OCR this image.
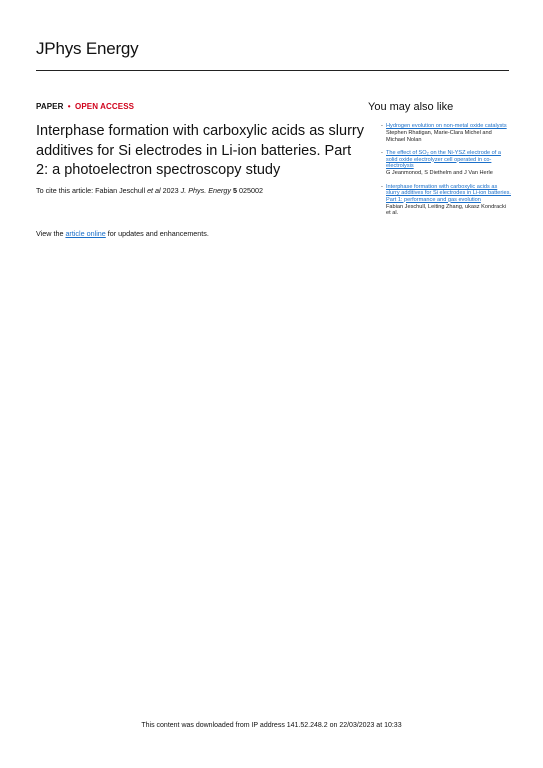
JPhys Energy
PAPER • OPEN ACCESS
Interphase formation with carboxylic acids as slurry additives for Si electrodes in Li-ion batteries. Part 2: a photoelectron spectroscopy study
To cite this article: Fabian Jeschull et al 2023 J. Phys. Energy 5 025002
View the article online for updates and enhancements.
You may also like
- Hydrogen evolution on non-metal oxide catalysts
Stephen Rhatigan, Marie-Clara Michel and Michael Nolan
- The effect of SO₂ on the Ni-YSZ electrode of a solid oxide electrolyzer cell operated in co-electrolysis
G Jeanmonod, S Diethelm and J Van Herle
- Interphase formation with carboxylic acids as slurry additives for Si electrodes in Li-ion batteries. Part 1: performance and gas evolution
Fabian Jeschull, Leiting Zhang, ukasz Kondracki et al.
This content was downloaded from IP address 141.52.248.2 on 22/03/2023 at 10:33
